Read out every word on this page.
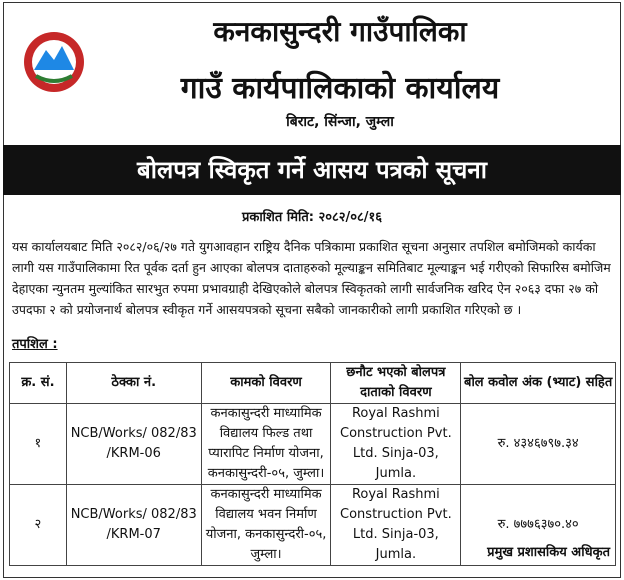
कनकासुन्दरी गाउँपालिका
गाउँ कार्यपालिकाको कार्यालय
बिराट, सिंन्जा, जुम्ला
बोलपत्र स्विकृत गर्ने आसय पत्रको सूचना
प्रकाशित मिति: २०८२/०८/१६
यस कार्यालयबाट मिति २०८२/०६/२७ गते युगआवहान राष्ट्रिय दैनिक पत्रिकामा प्रकाशित सूचना अनुसार तपशिल बमोजिमको कार्यका लागी यस गाउँपालिकामा रित पूर्वक दर्ता हुन आएका बोलपत्र दाताहरुको मूल्याङ्कन समितिबाट मूल्याङ्कन भई गरीएको सिफारिस बमोजिम देहाएका न्युनतम मुल्यांकित सारभुत रुपमा प्रभावग्राही देखिएकोले बोलपत्र स्विकृतको लागी सार्वजनिक खरिद ऐन २०६३ दफा २७ को उपदफा २ को प्रयोजनार्थ बोलपत्र स्वीकृत गर्ने आसयपत्रको सूचना सबैको जानकारीको लागी प्रकाशित गरिएको छ ।
तपशिल :
क्र. सं.	ठेक्का नं.	कामको विवरण	छनौट भएको बोलपत्र दाताको विवरण	बोल कवोल अंक (भ्याट) सहित
१	NCB/Works/ 082/83 /KRM-06	कनकासुन्दरी माध्यामिक विद्यालय फिल्ड तथा प्यारापिट निर्माण योजना, कनकासुन्दरी-०५, जुम्ला।	Royal Rashmi Construction Pvt. Ltd. Sinja-03, Jumla.	रु. ४३४६७९७.३४
२	NCB/Works/ 082/83 /KRM-07	कनकासुन्दरी माध्यामिक विद्यालय भवन निर्माण योजना, कनकासुन्दरी-०५, जुम्ला।	Royal Rashmi Construction Pvt. Ltd. Sinja-03, Jumla.	रु. ७७७६३७०.४०
प्रमुख प्रशासकिय अधिकृत
